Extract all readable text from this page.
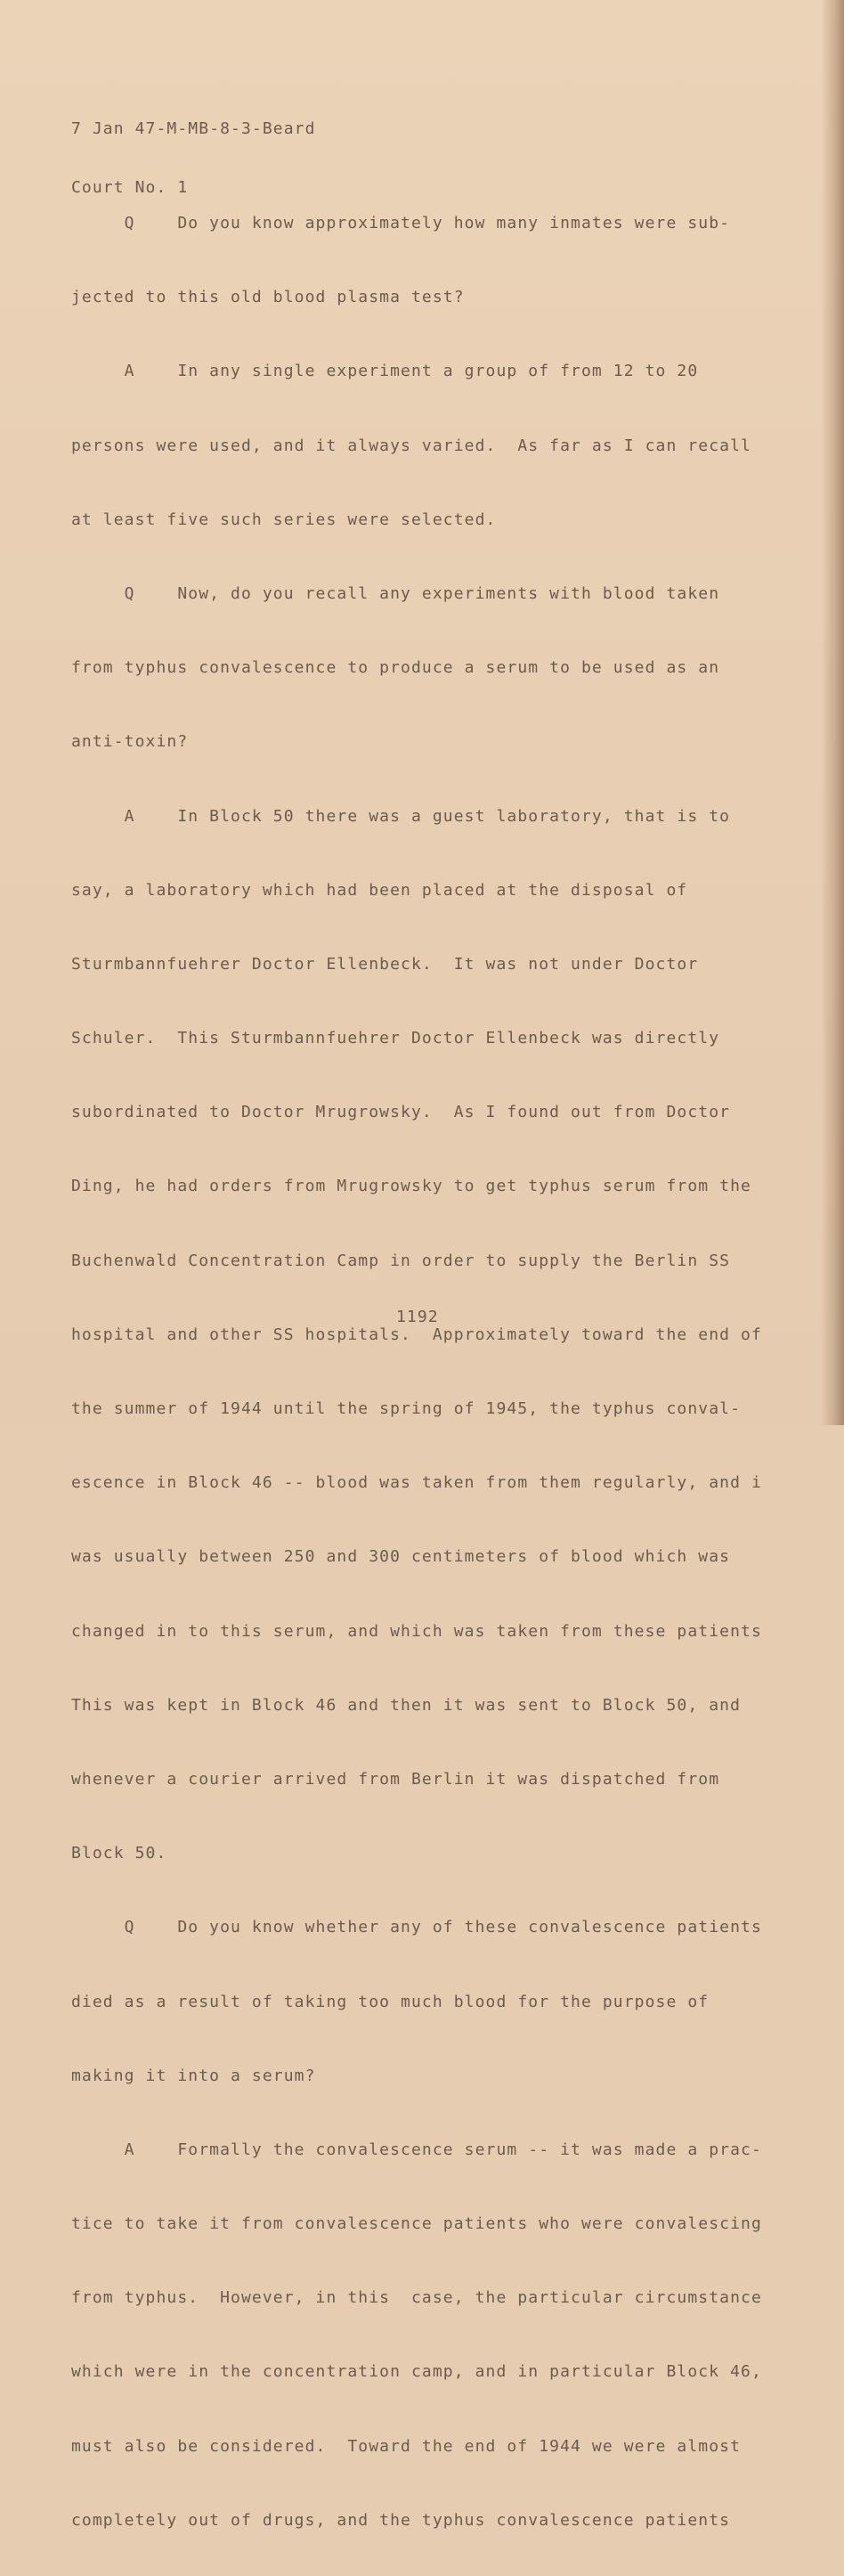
7 Jan 47-M-MB-8-3-Beard

Court No. 1

Q    Do you know approximately how many inmates were sub-

jected to this old blood plasma test?

A    In any single experiment a group of from 12 to 20

persons were used, and it always varied.  As far as I can recall

at least five such series were selected.

Q    Now, do you recall any experiments with blood taken

from typhus convalescence to produce a serum to be used as an

anti-toxin?

A    In Block 50 there was a guest laboratory, that is to

say, a laboratory which had been placed at the disposal of

Sturmbannfuehrer Doctor Ellenbeck.  It was not under Doctor

Schuler.  This Sturmbannfuehrer Doctor Ellenbeck was directly

subordinated to Doctor Mrugrowsky.  As I found out from Doctor

Ding, he had orders from Mrugrowsky to get typhus serum from the

Buchenwald Concentration Camp in order to supply the Berlin SS

hospital and other SS hospitals.  Approximately toward the end of

the summer of 1944 until the spring of 1945, the typhus conval-

escence in Block 46 -- blood was taken from them regularly, and i

was usually between 250 and 300 centimeters of blood which was

changed in to this serum, and which was taken from these patients

This was kept in Block 46 and then it was sent to Block 50, and

whenever a courier arrived from Berlin it was dispatched from

Block 50.

Q    Do you know whether any of these convalescence patients

died as a result of taking too much blood for the purpose of

making it into a serum?

A    Formally the convalescence serum -- it was made a prac-

tice to take it from convalescence patients who were convalescing

from typhus.  However, in this  case, the particular circumstance

which were in the concentration camp, and in particular Block 46,

must also be considered.  Toward the end of 1944 we were almost

completely out of drugs, and the typhus convalescence patients

1192
